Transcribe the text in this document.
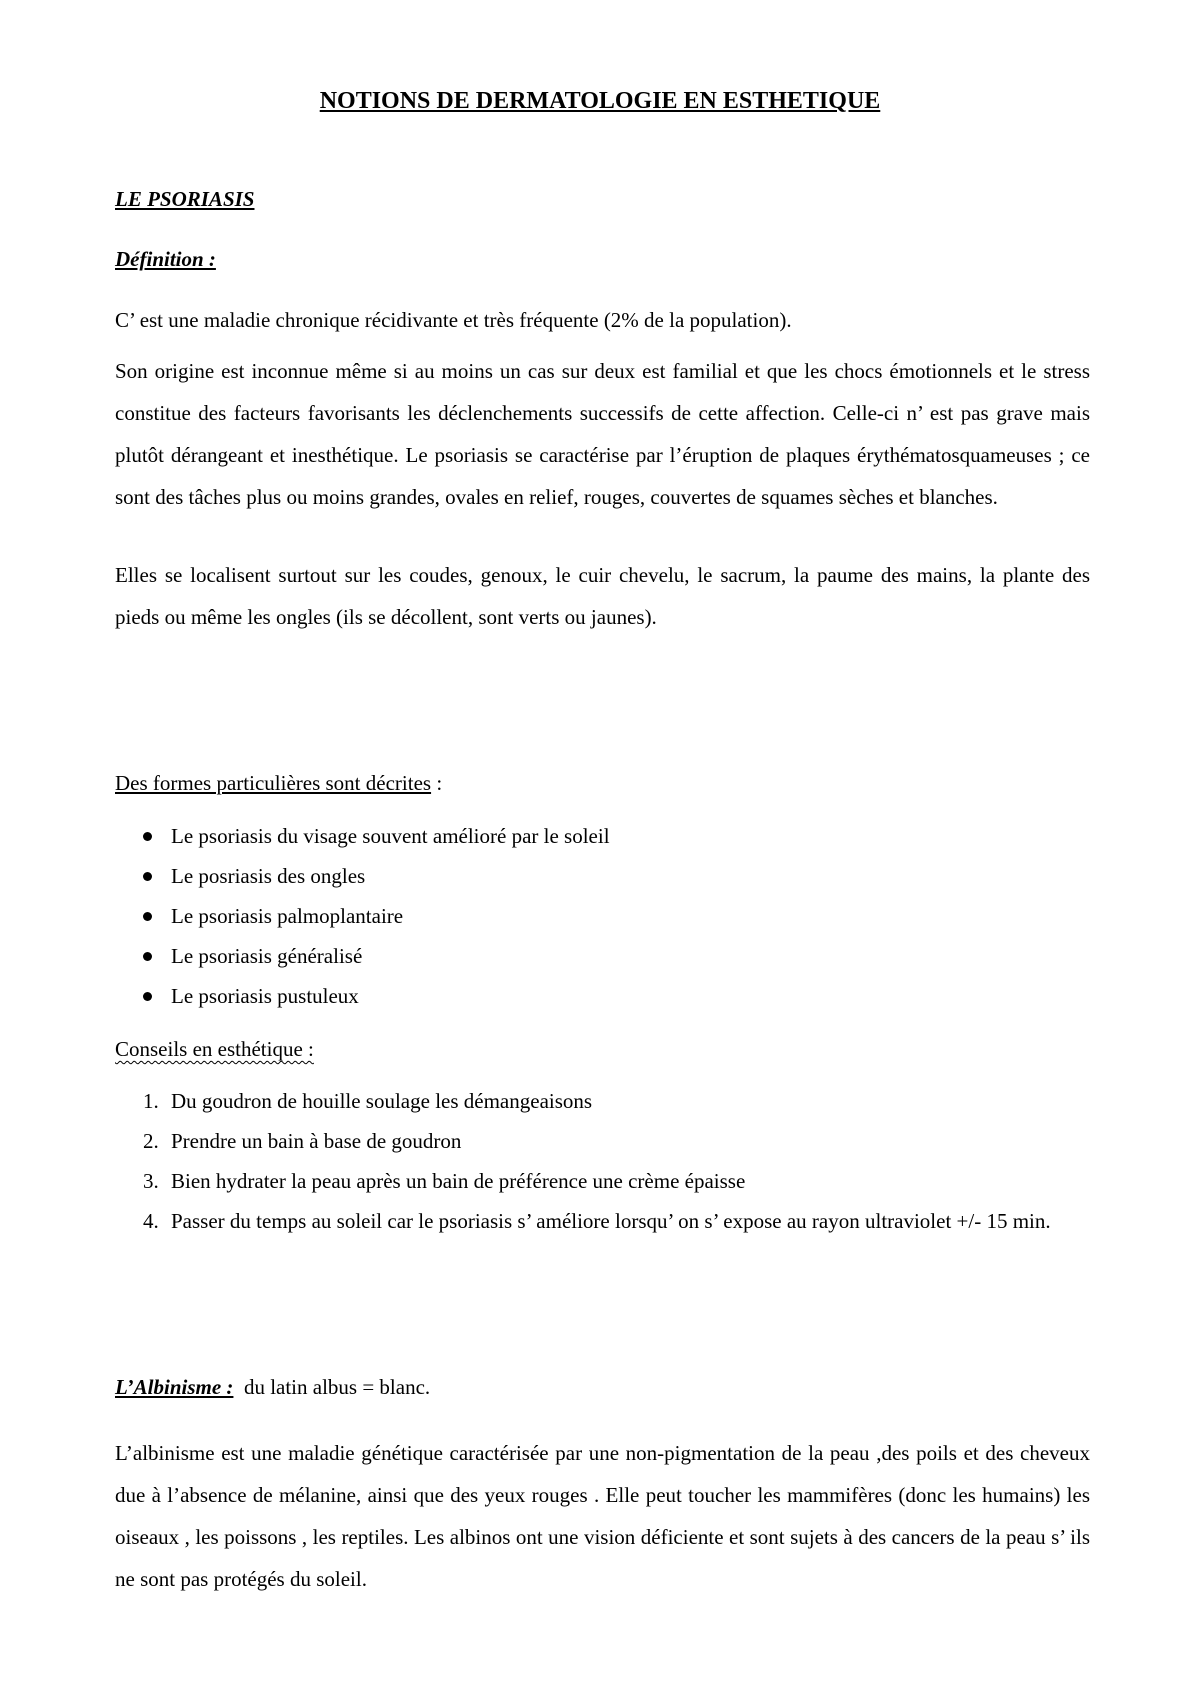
NOTIONS DE DERMATOLOGIE EN ESTHETIQUE

LE PSORIASIS

Définition :

C’ est une maladie chronique récidivante et très fréquente (2% de la population).

Son origine est inconnue même si au moins un cas sur deux est familial et que les chocs émotionnels et le stress constitue des facteurs favorisants les déclenchements successifs de cette affection. Celle-ci n’ est pas grave mais plutôt dérangeant et inesthétique. Le psoriasis se caractérise par l’éruption de plaques érythématosquameuses ; ce sont des tâches plus ou moins grandes, ovales en relief, rouges, couvertes de squames sèches et blanches.

Elles se localisent surtout sur les coudes, genoux, le cuir chevelu, le sacrum, la paume des mains, la plante des pieds ou même les ongles (ils se décollent, sont verts ou jaunes).

Des formes particulières sont décrites :

Le psoriasis du visage souvent amélioré par le soleil
Le posriasis des ongles
Le psoriasis palmoplantaire
Le psoriasis généralisé
Le psoriasis pustuleux

Conseils en esthétique :

1. Du goudron de houille soulage les démangeaisons
2. Prendre un bain à base de goudron
3. Bien hydrater la peau après un bain de préférence une crème épaisse
4. Passer du temps au soleil car le psoriasis s’ améliore lorsqu’ on s’ expose au rayon ultraviolet +/- 15 min.

L’Albinisme :  du latin albus = blanc.

L’albinisme est une maladie génétique caractérisée par une non-pigmentation de la peau ,des poils et des cheveux due à l’absence de mélanine, ainsi que des yeux rouges . Elle peut toucher les mammifères (donc les humains) les oiseaux , les poissons , les reptiles. Les albinos ont une vision déficiente et sont sujets à des cancers de la peau s’ ils ne sont pas protégés du soleil.
